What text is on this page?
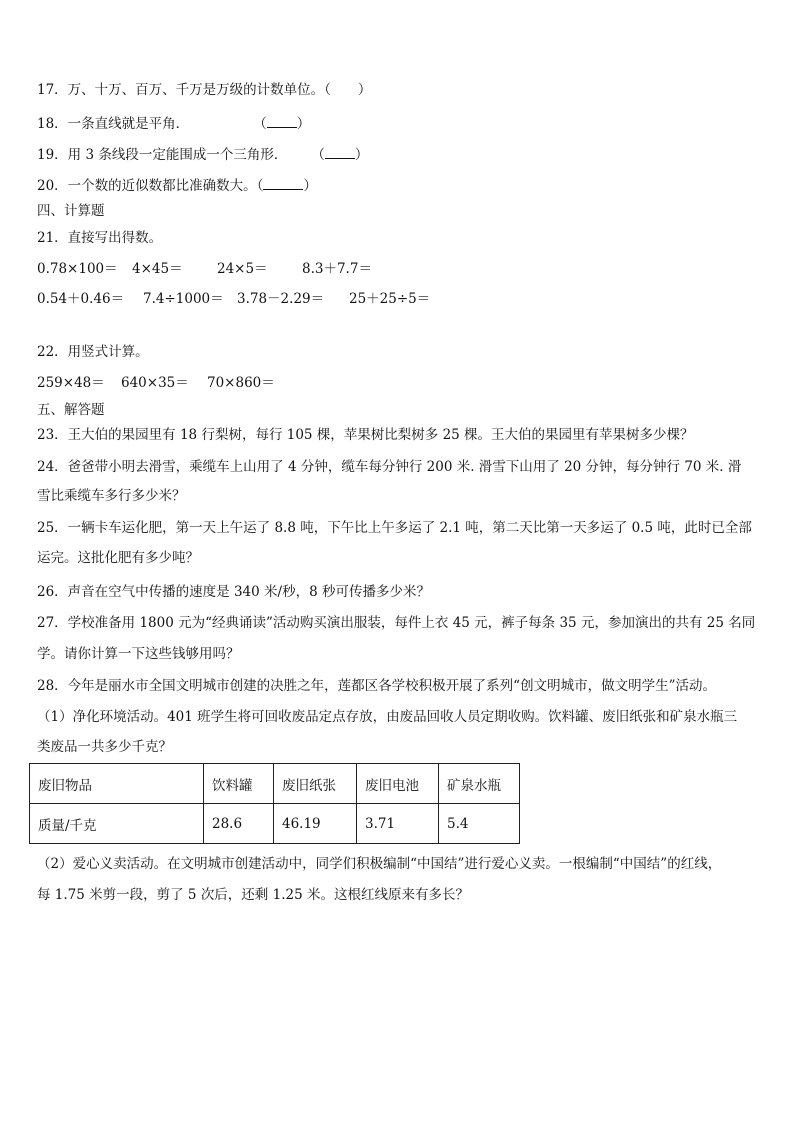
17．万、十万、百万、千万是万级的计数单位。（　　）
18．一条直线就是平角．	（ ）
19．用 3 条线段一定能围成一个三角形． （ ）
20．一个数的近似数都比准确数大。（	）
四、计算题
21．直接写出得数。
0.78×100＝ 4×45＝	24×5＝	8.3＋7.7＝
0.54＋0.46＝ 7.4÷1000＝ 3.78－2.29＝ 25＋25÷5＝
22．用竖式计算。
259×48＝ 640×35＝ 70×860＝
五、解答题
23．王大伯的果园里有 18 行梨树，每行 105 棵，苹果树比梨树多 25 棵。王大伯的果园里有苹果树多少棵？
24．爸爸带小明去滑雪，乘缆车上山用了 4 分钟，缆车每分钟行 200 米. 滑雪下山用了 20 分钟，每分钟行 70 米. 滑
雪比乘缆车多行多少米？
25．一辆卡车运化肥，第一天上午运了 8.8 吨，下午比上午多运了 2.1 吨，第二天比第一天多运了 0.5 吨，此时已全部
运完。这批化肥有多少吨？
26．声音在空气中传播的速度是 340 米/秒，8 秒可传播多少米？
27．学校准备用 1800 元为“经典诵读”活动购买演出服装，每件上衣 45 元，裤子每条 35 元，参加演出的共有 25 名同
学。请你计算一下这些钱够用吗？
28．今年是丽水市全国文明城市创建的决胜之年，莲都区各学校积极开展了系列“创文明城市，做文明学生”活动。
（1）净化环境活动。401 班学生将可回收废品定点存放，由废品回收人员定期收购。饮料罐、废旧纸张和矿泉水瓶三
类废品一共多少千克？
废旧物品	饮料罐	废旧纸张	废旧电池	矿泉水瓶
质量/千克	28.6	46.19	3.71	5.4
（2）爱心义卖活动。在文明城市创建活动中，同学们积极编制“中国结”进行爱心义卖。一根编制“中国结”的红线，
每 1.75 米剪一段，剪了 5 次后，还剩 1.25 米。这根红线原来有多长？
